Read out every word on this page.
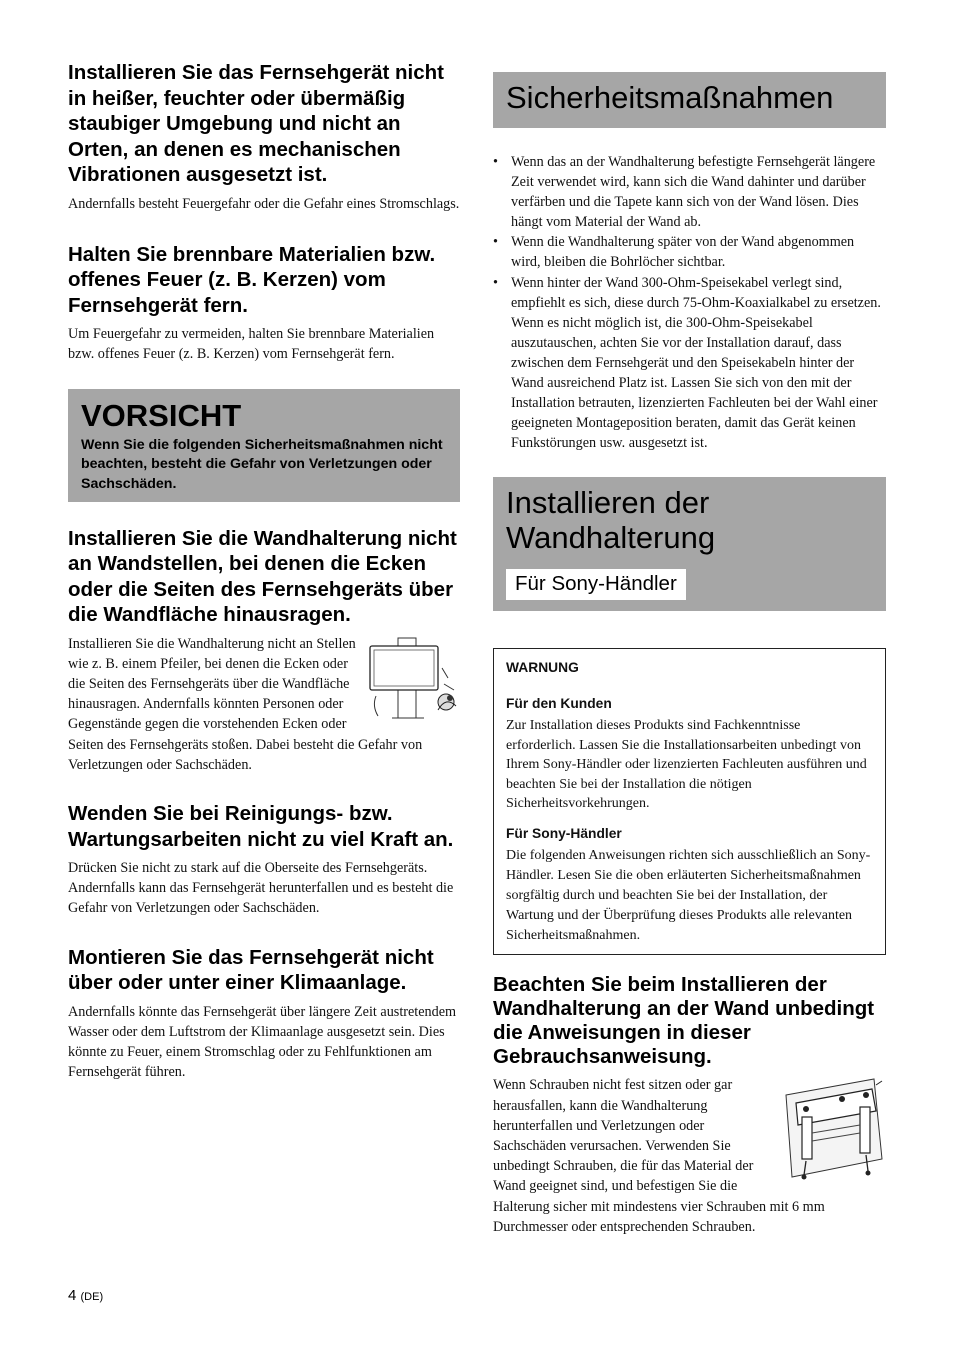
Installieren Sie das Fernsehgerät nicht in heißer, feuchter oder übermäßig staubiger Umgebung und nicht an Orten, an denen es mechanischen Vibrationen ausgesetzt ist.

Andernfalls besteht Feuergefahr oder die Gefahr eines Stromschlags.

Halten Sie brennbare Materialien bzw. offenes Feuer (z. B. Kerzen) vom Fernsehgerät fern.

Um Feuergefahr zu vermeiden, halten Sie brennbare Materialien bzw. offenes Feuer (z. B. Kerzen) vom Fernsehgerät fern.

VORSICHT
Wenn Sie die folgenden Sicherheitsmaßnahmen nicht beachten, besteht die Gefahr von Verletzungen oder Sachschäden.
Installieren Sie die Wandhalterung nicht an Wandstellen, bei denen die Ecken oder die Seiten des Fernsehgeräts über die Wandfläche hinausragen.

Installieren Sie die Wandhalterung nicht an Stellen wie z. B. einem Pfeiler, bei denen die Ecken oder die Seiten des Fernsehgeräts über die Wandfläche hinausragen. Andernfalls könnten Personen oder Gegenstände gegen die vorstehenden Ecken oder Seiten des Fernsehgeräts stoßen. Dabei besteht die Gefahr von Verletzungen oder Sachschäden.

Wenden Sie bei Reinigungs- bzw. Wartungsarbeiten nicht zu viel Kraft an.

Drücken Sie nicht zu stark auf die Oberseite des Fernsehgeräts. Andernfalls kann das Fernsehgerät herunterfallen und es besteht die Gefahr von Verletzungen oder Sachschäden.

Montieren Sie das Fernsehgerät nicht über oder unter einer Klimaanlage.

Andernfalls könnte das Fernsehgerät über längere Zeit austretendem Wasser oder dem Luftstrom der Klimaanlage ausgesetzt sein. Dies könnte zu Feuer, einem Stromschlag oder zu Fehlfunktionen am Fernsehgerät führen.

Sicherheitsmaßnahmen
• Wenn das an der Wandhalterung befestigte Fernsehgerät längere Zeit verwendet wird, kann sich die Wand dahinter und darüber verfärben und die Tapete kann sich von der Wand lösen. Dies hängt vom Material der Wand ab.
• Wenn die Wandhalterung später von der Wand abgenommen wird, bleiben die Bohrlöcher sichtbar.
• Wenn hinter der Wand 300-Ohm-Speisekabel verlegt sind, empfiehlt es sich, diese durch 75-Ohm-Koaxialkabel zu ersetzen. Wenn es nicht möglich ist, die 300-Ohm-Speisekabel auszutauschen, achten Sie vor der Installation darauf, dass zwischen dem Fernsehgerät und den Speisekabeln hinter der Wand ausreichend Platz ist. Lassen Sie sich von den mit der Installation betrauten, lizenzierten Fachleuten bei der Wahl einer geeigneten Montageposition beraten, damit das Gerät keinen Funkstörungen usw. ausgesetzt ist.
Installieren der Wandhalterung
Für Sony-Händler
WARNUNG
Für den Kunden

Zur Installation dieses Produkts sind Fachkenntnisse erforderlich. Lassen Sie die Installationsarbeiten unbedingt von Ihrem Sony-Händler oder lizenzierten Fachleuten ausführen und beachten Sie bei der Installation die nötigen Sicherheitsvorkehrungen.

Für Sony-Händler

Die folgenden Anweisungen richten sich ausschließlich an Sony-Händler. Lesen Sie die oben erläuterten Sicherheitsmaßnahmen sorgfältig durch und beachten Sie bei der Installation, der Wartung und der Überprüfung dieses Produkts alle relevanten Sicherheitsmaßnahmen.

Beachten Sie beim Installieren der Wandhalterung an der Wand unbedingt die Anweisungen in dieser Gebrauchsanweisung.

Wenn Schrauben nicht fest sitzen oder gar herausfallen, kann die Wandhalterung herunterfallen und Verletzungen oder Sachschäden verursachen. Verwenden Sie unbedingt Schrauben, die für das Material der Wand geeignet sind, und befestigen Sie die Halterung sicher mit mindestens vier Schrauben mit 6 mm Durchmesser oder entsprechenden Schrauben.

4 (DE)
